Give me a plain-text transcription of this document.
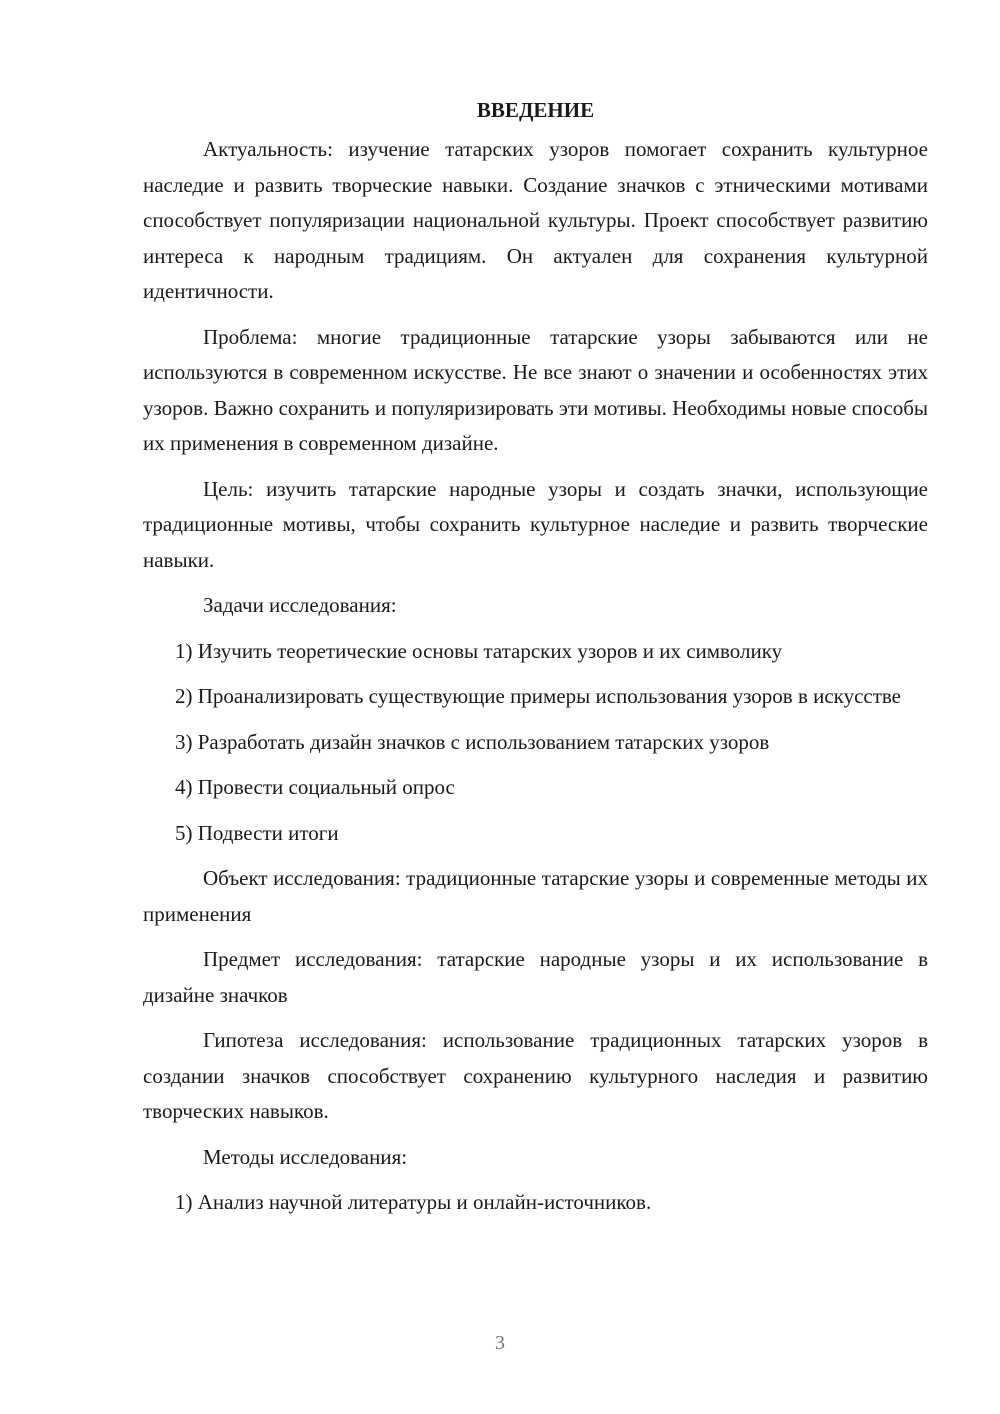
ВВЕДЕНИЕ

Актуальность: изучение татарских узоров помогает сохранить культурное наследие и развить творческие навыки. Создание значков с этническими мотивами способствует популяризации национальной культуры. Проект способствует развитию интереса к народным традициям. Он актуален для сохранения культурной идентичности.

Проблема: многие традиционные татарские узоры забываются или не используются в современном искусстве. Не все знают о значении и особенностях этих узоров. Важно сохранить и популяризировать эти мотивы. Необходимы новые способы их применения в современном дизайне.

Цель: изучить татарские народные узоры и создать значки, использующие традиционные мотивы, чтобы сохранить культурное наследие и развить творческие навыки.

Задачи исследования:

1) Изучить теоретические основы татарских узоров и их символику

2) Проанализировать существующие примеры использования узоров в искусстве

3) Разработать дизайн значков с использованием татарских узоров

4) Провести социальный опрос

5) Подвести итоги

Объект исследования: традиционные татарские узоры и современные методы их применения

Предмет исследования: татарские народные узоры и их использование в дизайне значков

Гипотеза исследования: использование традиционных татарских узоров в создании значков способствует сохранению культурного наследия и развитию творческих навыков.

Методы исследования:

1) Анализ научной литературы и онлайн-источников.

3
